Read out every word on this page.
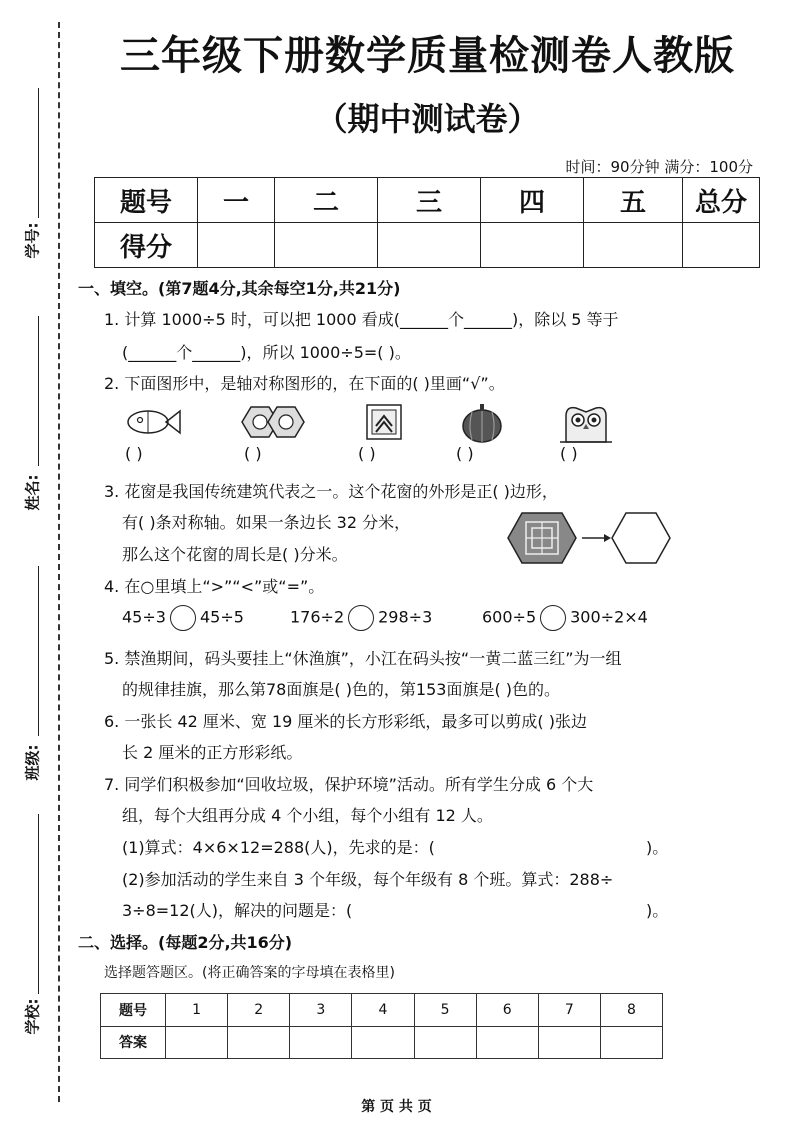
学号:
姓名:
班级:
学校:
三年级下册数学质量检测卷人教版
（期中测试卷）
时间：90分钟 满分：100分
题号	一	二	三	四	五	总分
得分						
一、填空。(第7题4分,其余每空1分,共21分)
1. 计算 1000÷5 时，可以把 1000 看成(______个______)，除以 5 等于
(______个______)，所以 1000÷5=( )。
2. 下面图形中，是轴对称图形的，在下面的( )里画“√”。
( )	( )	( )	( )	( )
3. 花窗是我国传统建筑代表之一。这个花窗的外形是正( )边形，
有( )条对称轴。如果一条边长 32 分米，
那么这个花窗的周长是( )分米。
4. 在○里填上“>”“<”或“=”。
45÷3 45÷5	176÷2 298÷3	600÷5 300÷2×4
5. 禁渔期间，码头要挂上“休渔旗”，小江在码头按“一黄二蓝三红”为一组
的规律挂旗，那么第78面旗是( )色的，第153面旗是( )色的。
6. 一张长 42 厘米、宽 19 厘米的长方形彩纸，最多可以剪成( )张边
长 2 厘米的正方形彩纸。
7. 同学们积极参加“回收垃圾，保护环境”活动。所有学生分成 6 个大
组，每个大组再分成 4 个小组，每个小组有 12 人。
(1)算式：4×6×12=288(人)，先求的是：(	)。
(2)参加活动的学生来自 3 个年级，每个年级有 8 个班。算式：288÷
3÷8=12(人)，解决的问题是：(	)。
二、选择。(每题2分,共16分)
选择题答题区。(将正确答案的字母填在表格里)
题号	1	2	3	4	5	6	7	8
答案								
第 页 共 页
